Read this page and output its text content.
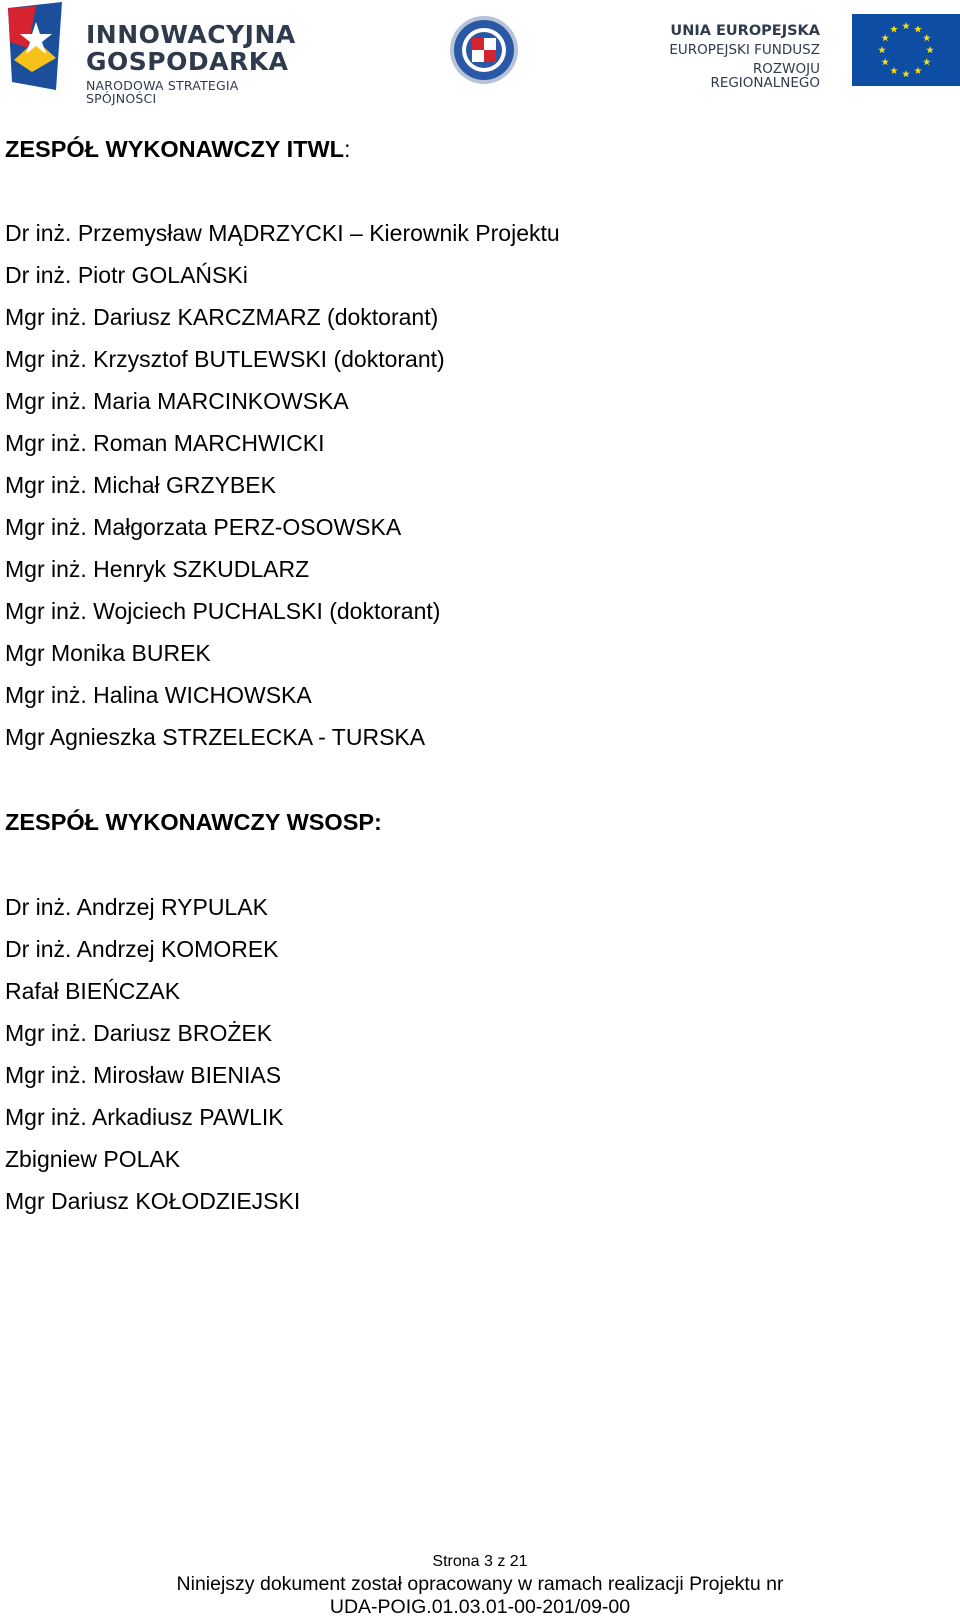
INNOWACYJNA
GOSPODARKA
NARODOWA STRATEGIA SPÓJNOŚCI
UNIA EUROPEJSKA
EUROPEJSKI FUNDUSZ
ROZWOJU REGIONALNEGO
ZESPÓŁ WYKONAWCZY ITWL:
Dr inż. Przemysław MĄDRZYCKI – Kierownik Projektu
Dr inż. Piotr GOLAŃSKi
Mgr inż. Dariusz KARCZMARZ (doktorant)
Mgr inż. Krzysztof BUTLEWSKI (doktorant)
Mgr inż. Maria MARCINKOWSKA
Mgr inż. Roman MARCHWICKI
Mgr inż. Michał GRZYBEK
Mgr inż. Małgorzata PERZ-OSOWSKA
Mgr inż. Henryk SZKUDLARZ
Mgr inż. Wojciech PUCHALSKI (doktorant)
Mgr Monika BUREK
Mgr inż. Halina WICHOWSKA
Mgr Agnieszka STRZELECKA - TURSKA
ZESPÓŁ WYKONAWCZY WSOSP:
Dr inż. Andrzej RYPULAK
Dr inż. Andrzej KOMOREK
Rafał BIEŃCZAK
Mgr inż. Dariusz BROŻEK
Mgr inż. Mirosław BIENIAS
Mgr inż. Arkadiusz PAWLIK
Zbigniew POLAK
Mgr Dariusz KOŁODZIEJSKI
Strona 3 z 21
Niniejszy dokument został opracowany w ramach realizacji Projektu nr
UDA-POIG.01.03.01-00-201/09-00
